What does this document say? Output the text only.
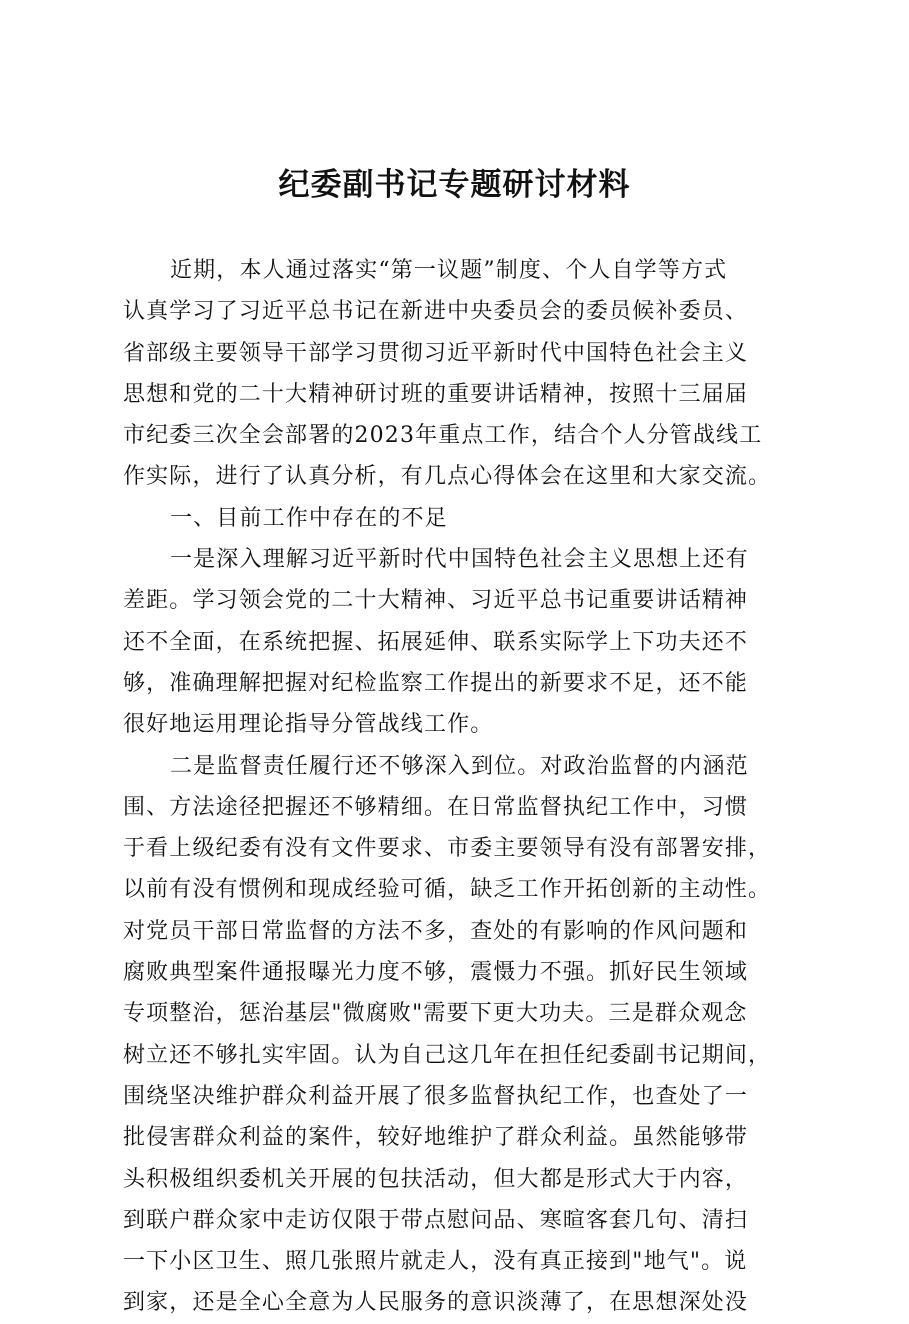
纪委副书记专题研讨材料
近期，本人通过落实“第一议题”制度、个人自学等方式
认真学习了习近平总书记在新进中央委员会的委员候补委员、
省部级主要领导干部学习贯彻习近平新时代中国特色社会主义
思想和党的二十大精神研讨班的重要讲话精神，按照十三届届
市纪委三次全会部署的2023年重点工作，结合个人分管战线工
作实际，进行了认真分析，有几点心得体会在这里和大家交流。
一、目前工作中存在的不足
一是深入理解习近平新时代中国特色社会主义思想上还有
差距。学习领会党的二十大精神、习近平总书记重要讲话精神
还不全面，在系统把握、拓展延伸、联系实际学上下功夫还不
够，准确理解把握对纪检监察工作提出的新要求不足，还不能
很好地运用理论指导分管战线工作。
二是监督责任履行还不够深入到位。对政治监督的内涵范
围、方法途径把握还不够精细。在日常监督执纪工作中，习惯
于看上级纪委有没有文件要求、市委主要领导有没有部署安排，
以前有没有惯例和现成经验可循，缺乏工作开拓创新的主动性。
对党员干部日常监督的方法不多，查处的有影响的作风问题和
腐败典型案件通报曝光力度不够，震慑力不强。抓好民生领域
专项整治，惩治基层"微腐败"需要下更大功夫。三是群众观念
树立还不够扎实牢固。认为自己这几年在担任纪委副书记期间，
围绕坚决维护群众利益开展了很多监督执纪工作，也查处了一
批侵害群众利益的案件，较好地维护了群众利益。虽然能够带
头积极组织委机关开展的包扶活动，但大都是形式大于内容，
到联户群众家中走访仅限于带点慰问品、寒暄客套几句、清扫
一下小区卫生、照几张照片就走人，没有真正接到"地气"。说
到家，还是全心全意为人民服务的意识淡薄了，在思想深处没
